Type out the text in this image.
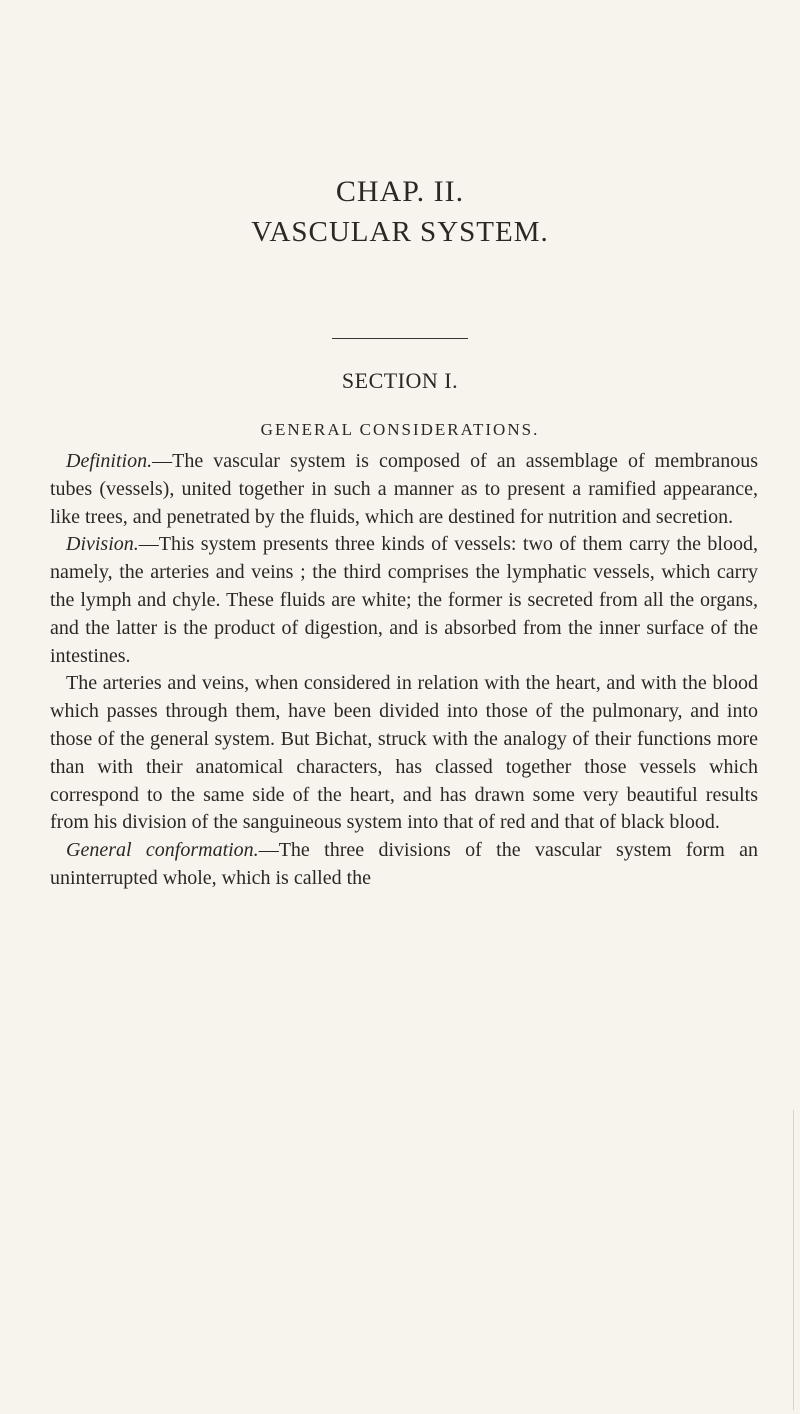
CHAP. II.
VASCULAR SYSTEM.
SECTION I.
GENERAL CONSIDERATIONS.

Definition.—The vascular system is composed of an assemblage of membranous tubes (vessels), united together in such a manner as to present a ramified appearance, like trees, and penetrated by the fluids, which are destined for nutrition and secretion.

Division.—This system presents three kinds of vessels: two of them carry the blood, namely, the arteries and veins ; the third comprises the lymphatic vessels, which carry the lymph and chyle. These fluids are white; the former is secreted from all the organs, and the latter is the product of digestion, and is absorbed from the inner surface of the intestines.

The arteries and veins, when considered in relation with the heart, and with the blood which passes through them, have been divided into those of the pulmonary, and into those of the general system. But Bichat, struck with the analogy of their functions more than with their anatomical characters, has classed together those vessels which correspond to the same side of the heart, and has drawn some very beautiful results from his division of the sanguineous system into that of red and that of black blood.

General conformation.—The three divisions of the vascular system form an uninterrupted whole, which is called the
